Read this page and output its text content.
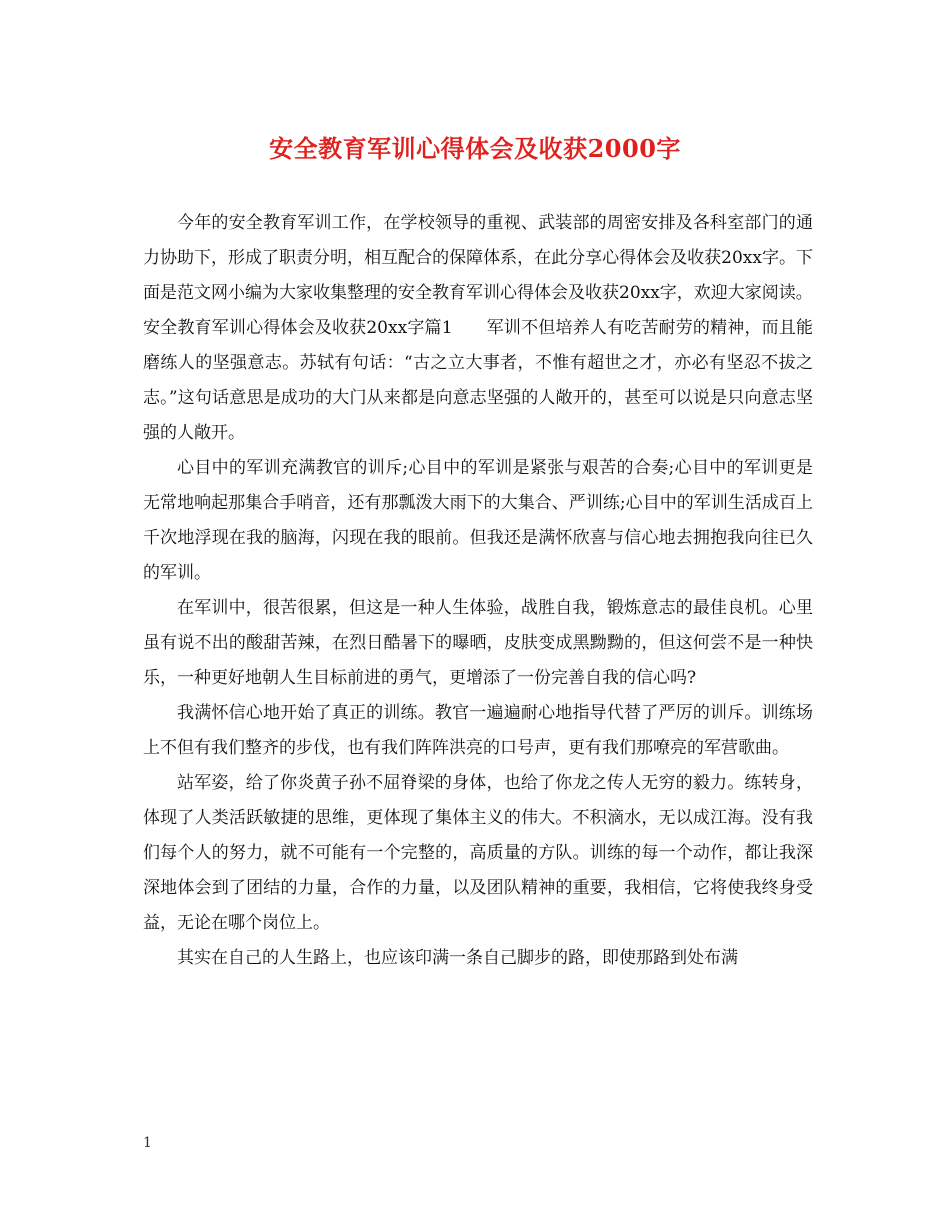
安全教育军训心得体会及收获2000字

今年的安全教育军训工作，在学校领导的重视、武装部的周密安排及各科室部门的通力协助下，形成了职责分明，相互配合的保障体系，在此分享心得体会及收获20xx字。下面是范文网小编为大家收集整理的安全教育军训心得体会及收获20xx字，欢迎大家阅读。

安全教育军训心得体会及收获20xx字篇1 军训不但培养人有吃苦耐劳的精神，而且能磨练人的坚强意志。苏轼有句话：“古之立大事者，不惟有超世之才，亦必有坚忍不拔之志。”这句话意思是成功的大门从来都是向意志坚强的人敞开的，甚至可以说是只向意志坚强的人敞开。

心目中的军训充满教官的训斥;心目中的军训是紧张与艰苦的合奏;心目中的军训更是无常地响起那集合手哨音，还有那瓢泼大雨下的大集合、严训练;心目中的军训生活成百上千次地浮现在我的脑海，闪现在我的眼前。但我还是满怀欣喜与信心地去拥抱我向往已久的军训。

在军训中，很苦很累，但这是一种人生体验，战胜自我，锻炼意志的最佳良机。心里虽有说不出的酸甜苦辣，在烈日酷暑下的曝晒，皮肤变成黑黝黝的，但这何尝不是一种快乐，一种更好地朝人生目标前进的勇气，更增添了一份完善自我的信心吗?

我满怀信心地开始了真正的训练。教官一遍遍耐心地指导代替了严厉的训斥。训练场上不但有我们整齐的步伐，也有我们阵阵洪亮的口号声，更有我们那嘹亮的军营歌曲。

站军姿，给了你炎黄子孙不屈脊梁的身体，也给了你龙之传人无穷的毅力。练转身，体现了人类活跃敏捷的思维，更体现了集体主义的伟大。不积滴水，无以成江海。没有我们每个人的努力，就不可能有一个完整的，高质量的方队。训练的每一个动作，都让我深深地体会到了团结的力量，合作的力量，以及团队精神的重要，我相信，它将使我终身受益，无论在哪个岗位上。

其实在自己的人生路上，也应该印满一条自己脚步的路，即使那路到处布满

1
